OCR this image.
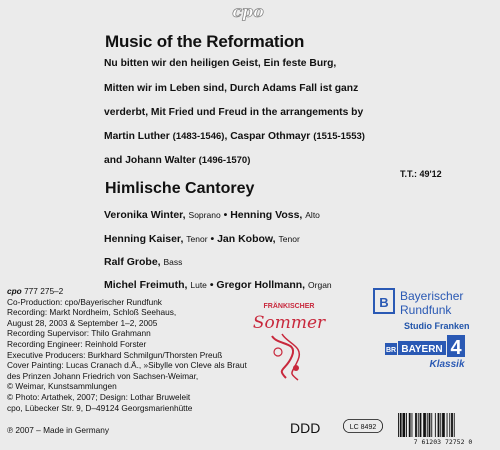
cpo
Music of the Reformation
Nu bitten wir den heiligen Geist, Ein feste Burg,
Mitten wir im Leben sind, Durch Adams Fall ist ganz
verderbt, Mit Fried und Freud in the arrangements by
Martin Luther (1483-1546), Caspar Othmayr (1515-1553)
and Johann Walter (1496-1570)
T.T.: 49'12
Himlische Cantorey
Veronika Winter, Soprano • Henning Voss, Alto
Henning Kaiser, Tenor • Jan Kobow, Tenor
Ralf Grobe, Bass
Michel Freimuth, Lute • Gregor Hollmann, Organ
cpo 777 275–2
Co-Production: cpo/Bayerischer Rundfunk
Recording: Markt Nordheim, Schloß Seehaus,
August 28, 2003 & September 1–2, 2005
Recording Supervisor: Thilo Grahmann
Recording Engineer: Reinhold Forster
Executive Producers: Burkhard Schmilgun/Thorsten Preuß
Cover Painting: Lucas Cranach d.Ä., »Sibylle von Cleve als Braut
des Prinzen Johann Friedrich von Sachsen-Weimar,
© Weimar, Kunstsammlungen
© Photo: Artathek, 2007; Design: Lothar Bruweleit
cpo, Lübecker Str. 9, D–49124 Georgsmarienhütte
℗ 2007 – Made in Germany
FRÄNKISCHER
Sommer
B Bayerischer
Rundfunk
Studio Franken
BR BAYERN 4
Klassik
DDD	LC 8492
7 61203 72752 0
